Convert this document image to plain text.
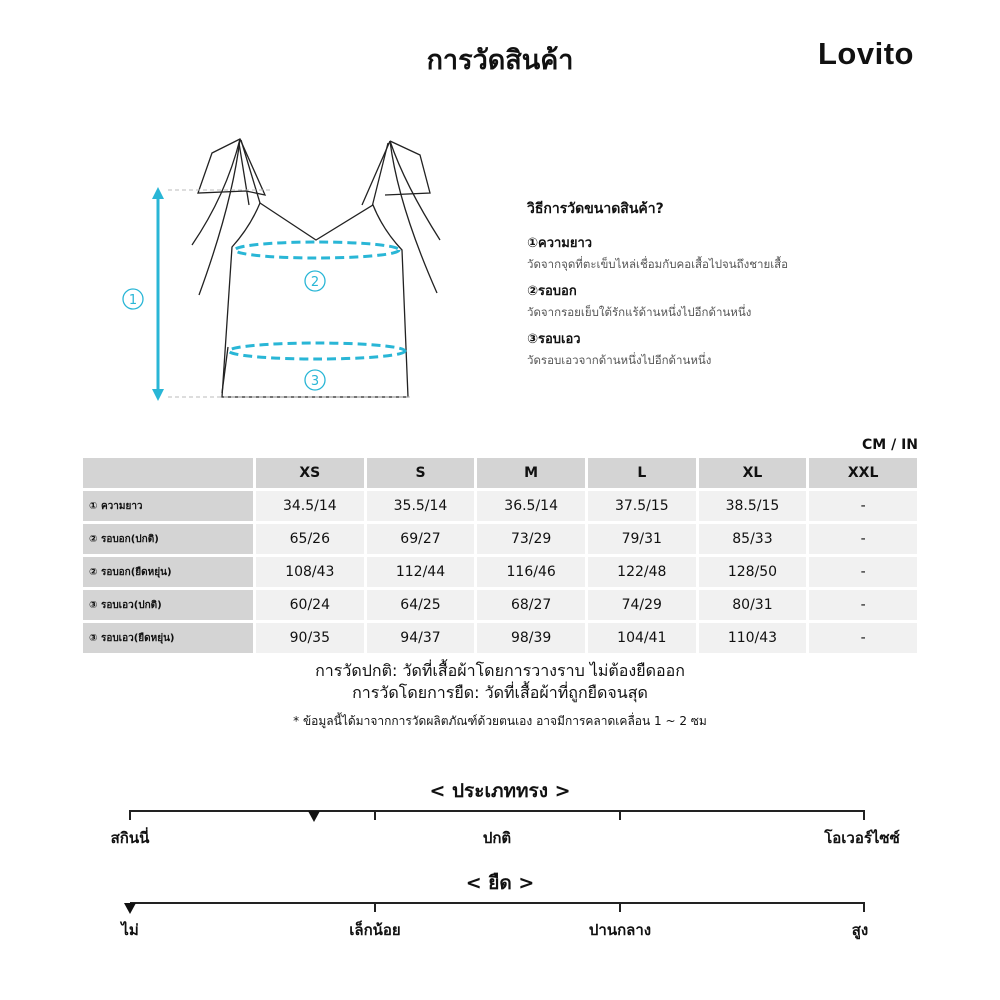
การวัดสินค้า	Lovito
1
2
3
วิธีการวัดขนาดสินค้า?
①ความยาว
วัดจากจุดที่ตะเข็บไหล่เชื่อมกับคอเสื้อไปจนถึงชายเสื้อ
②รอบอก
วัดจากรอยเย็บใต้รักแร้ด้านหนึ่งไปอีกด้านหนึ่ง
③รอบเอว
วัดรอบเอวจากด้านหนึ่งไปอีกด้านหนึ่ง
CM / IN
	XS	S	M	L	XL	XXL
① ความยาว	34.5/14	35.5/14	36.5/14	37.5/15	38.5/15	-
② รอบอก(ปกติ)	65/26	69/27	73/29	79/31	85/33	-
② รอบอก(ยืดหยุ่น)	108/43	112/44	116/46	122/48	128/50	-
③ รอบเอว(ปกติ)	60/24	64/25	68/27	74/29	80/31	-
③ รอบเอว(ยืดหยุ่น)	90/35	94/37	98/39	104/41	110/43	-
การวัดปกติ: วัดที่เสื้อผ้าโดยการวางราบ ไม่ต้องยืดออก
การวัดโดยการยืด: วัดที่เสื้อผ้าที่ถูกยืดจนสุด
* ข้อมูลนี้ได้มาจากการวัดผลิตภัณฑ์ด้วยตนเอง อาจมีการคลาดเคลื่อน 1 ~ 2 ซม
< ประเภททรง >
สกินนี่	ปกติ	โอเวอร์ไซซ์
< ยืด >
ไม่	เล็กน้อย	ปานกลาง	สูง
